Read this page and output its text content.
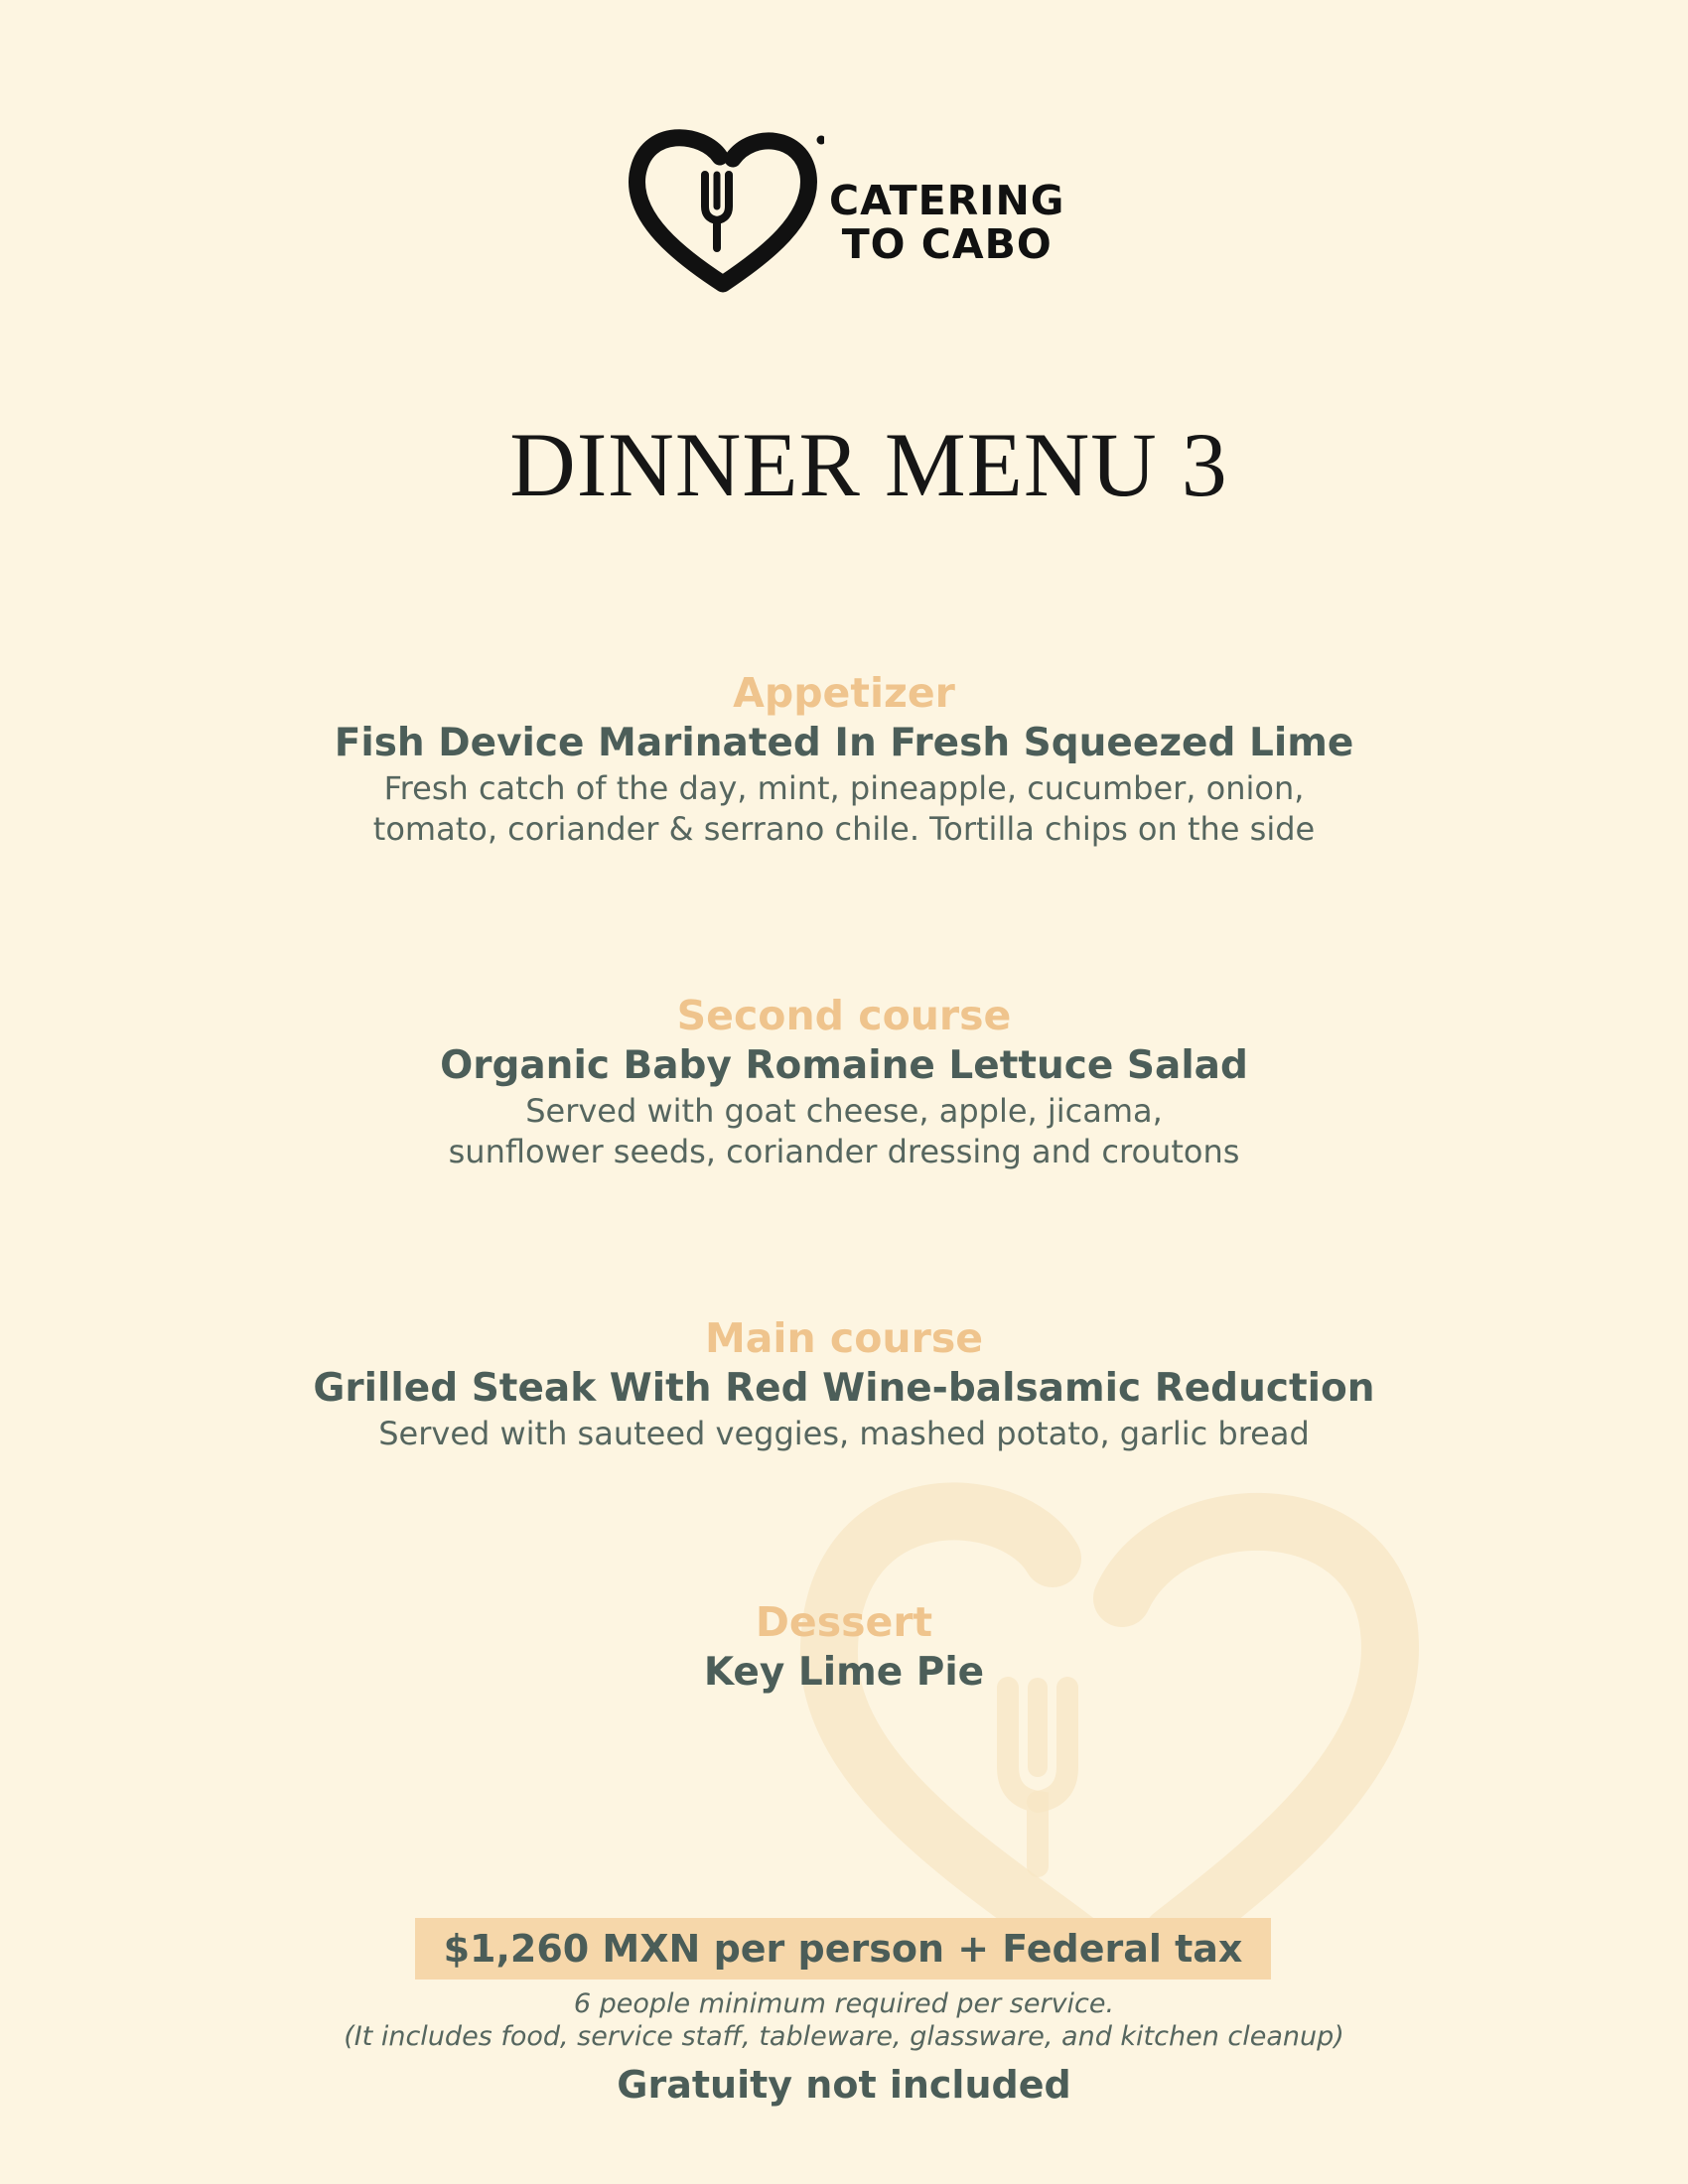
CATERING
TO CABO
DINNER MENU 3

Appetizer

Fish Device Marinated In Fresh Squeezed Lime

Fresh catch of the day, mint, pineapple, cucumber, onion,

tomato, coriander & serrano chile. Tortilla chips on the side

Second course

Organic Baby Romaine Lettuce Salad

Served with goat cheese, apple, jicama,

sunflower seeds, coriander dressing and croutons

Main course

Grilled Steak With Red Wine-balsamic Reduction

Served with sauteed veggies, mashed potato, garlic bread

Dessert

Key Lime Pie

$1,260 MXN per person + Federal tax
6 people minimum required per service.
(It includes food, service staff, tableware, glassware, and kitchen cleanup)
Gratuity not included
